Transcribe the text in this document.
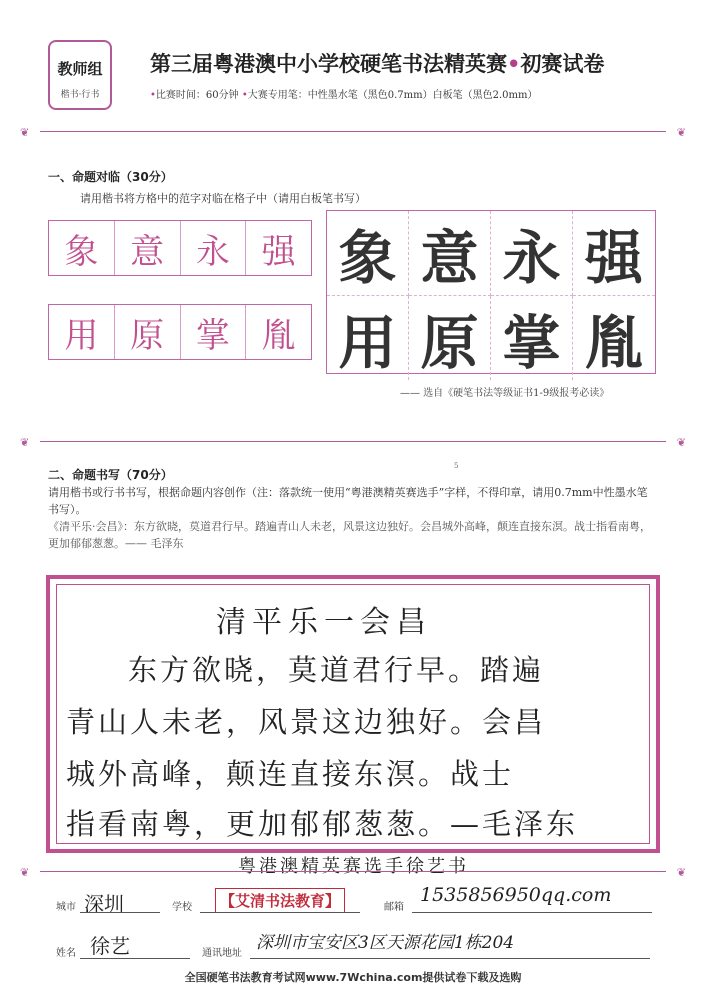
教师组
楷书·行书
第三届粤港澳中小学校硬笔书法精英赛•初赛试卷
•比赛时间：60分钟 •大赛专用笔：中性墨水笔（黑色0.7mm）白板笔（黑色2.0mm）
❦	❦
一、命题对临（30分）
请用楷书将方格中的范字对临在格子中（请用白板笔书写）
象 意 永 强
用 原 掌 胤
象 意 永 强
用 原 掌 胤
—— 选自《硬笔书法等级证书1-9级报考必读》
❦	❦
5
二、命题书写（70分）
请用楷书或行书书写，根据命题内容创作（注：落款统一使用“粤港澳精英赛选手”字样，不得印章，请用0.7mm中性墨水笔书写）。
《清平乐·会昌》：东方欲晓，莫道君行早。踏遍青山人未老，风景这边独好。会昌城外高峰，颠连直接东溟。战士指看南粤，更加郁郁葱葱。—— 毛泽东
清平乐一会昌
东方欲晓，莫道君行早。踏遍
青山人未老，风景这边独好。会昌
城外高峰，颠连直接东溟。战士
指看南粤，更加郁郁葱葱。—毛泽东
粤港澳精英赛选手徐艺书
❦	❦
城市 深圳	学校	【艾清书法教育】	邮箱
1535856950qq.com
姓名 徐艺	通讯地址
深圳市宝安区3区天源花园1栋204
全国硬笔书法教育考试网www.7Wchina.com提供试卷下载及选购
